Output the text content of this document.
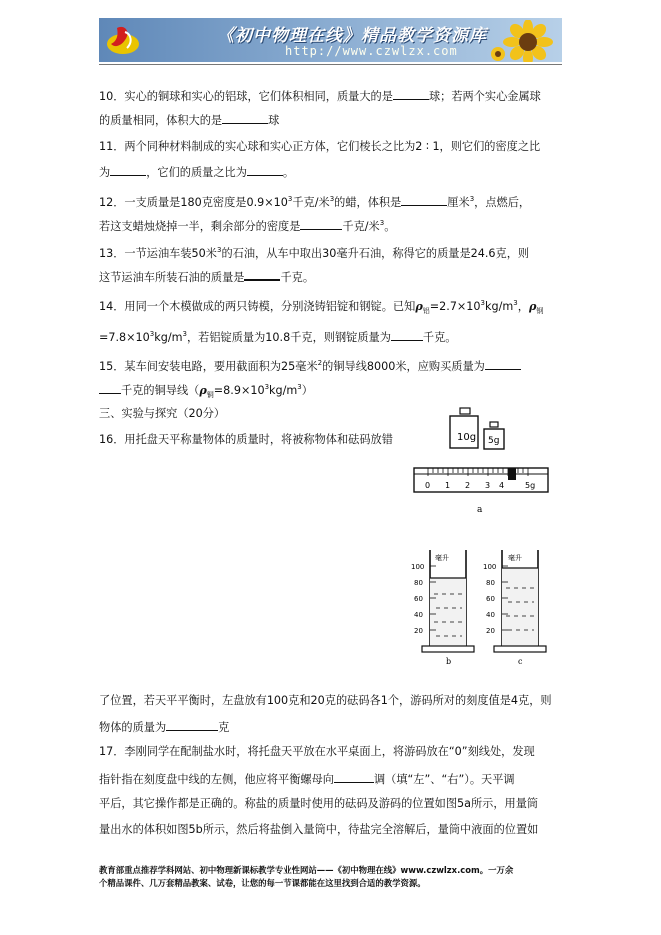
《初中物理在线》精品教学资源库
http://www.czwlzx.com
10．实心的铜球和实心的铝球，它们体积相同，质量大的是	球；若两个实心金属球
的质量相同，体积大的是	球
11．两个同种材料制成的实心球和实心正方体，它们棱长之比为2 ∶ 1，则它们的密度之比
为	，它们的质量之比为	。
12．一支质量是180克密度是$0.9\times 10^3$千克/米$^3$的蜡，体积是	厘米$^3$，点燃后，
若这支蜡烛烧掉一半，剩余部分的密度是	千克/米$^3$。
13．一节运油车装50米$^3$的石油，从车中取出30毫升石油，称得它的质量是24.6克，则
这节运油车所装石油的质量是	千克。
14．用同一个木模做成的两只铸模，分别浇铸铝锭和钢锭。已知$\rho_铝=2.7\times 10^3kg/m^3$，$\rho_钢$
$=7.8\times 10^3kg/m^3$，若铝锭质量为10.8千克，则钢锭质量为	千克。
15．某车间安装电路，要用截面积为25毫米$^2$的铜导线8000米，应购买质量为
千克的铜导线$(\rho_铜=8.9\times 10^3kg/m^3)$
三、实验与探究（20分）
16．用托盘天平称量物体的质量时，将被称物体和砝码放错	10g 5g
0 1 2 3 4	5g
a
毫升
100
80
60
40
20
b
毫升
100
80
60
40
20
c
了位置，若天平平衡时，左盘放有100克和20克的砝码各1个，游码所对的刻度值是4克，则
物体的质量为	克
17．李刚同学在配制盐水时，将托盘天平放在水平桌面上，将游码放在“0”刻线处，发现
指针指在刻度盘中线的左侧，他应将平衡螺母向	调（填“左”、“右”）。天平调
平后，其它操作都是正确的。称盐的质量时使用的砝码及游码的位置如图5a所示，用量筒
量出水的体积如图5b所示，然后将盐倒入量筒中，待盐完全溶解后，量筒中液面的位置如
教育部重点推荐学科网站、初中物理新课标教学专业性网站——《初中物理在线》www.czwlzx.com。一万余
个精品课件、几万套精品教案、试卷，让您的每一节课都能在这里找到合适的教学资源。
